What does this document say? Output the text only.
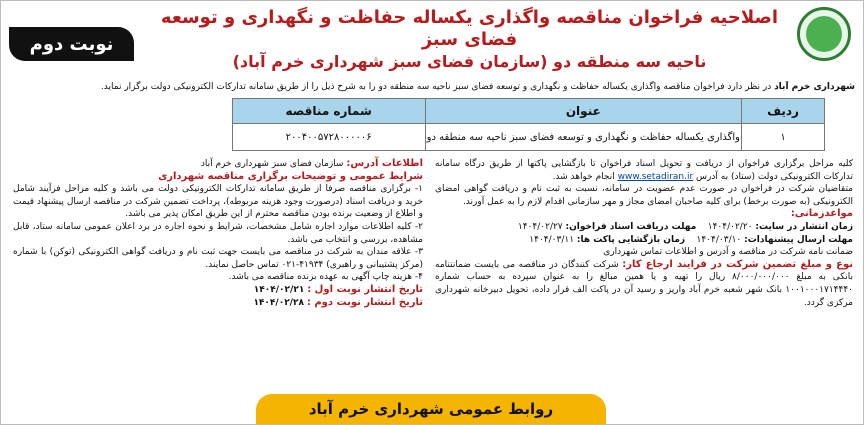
اصلاحیه فراخوان مناقصه واگذاری یکساله حفاظت و نگهداری و توسعه فضای سبز
ناحیه سه منطقه دو (سازمان فضای سبز شهرداری خرم آباد)
نوبت دوم
شهرداری خرم آباد در نظر دارد فراخوان مناقصه واگذاری یکساله حفاظت و نگهداری و توسعه فضای سبز ناحیه سه منطقه دو را به شرح ذیل را از طریق سامانه تدارکات الکترونیکی دولت برگزار نماید.
ردیف	عنوان	شماره مناقصه
۱	واگذاری یکساله حفاظت و نگهداری و توسعه فضای سبز ناحیه سه منطقه دو	۲۰۰۴۰۰۵۷۲۸۰۰۰۰۰۶

کلیه مراحل برگزاری فراخوان از دریافت و تحویل اسناد فراخوان تا بازگشایی پاکتها از طریق درگاه سامانه تدارکات الکترونیکی دولت (ستاد) به آدرس www.setadiran.ir انجام خواهد شد.

متقاضیان شرکت در فراخوان در صورت عدم عضویت در سامانه، نسبت به ثبت نام و دریافت گواهی امضای الکترونیکی (به صورت برخط) برای کلیه صاحبان امضای مجاز و مهر سازمانی اقدام لازم را به عمل آورند.

مواعدزمانی:

زمان انتشار در سایت: ۱۴۰۴/۰۲/۲۰    مهلت دریافت اسناد فراخوان: ۱۴۰۴/۰۲/۲۷

مهلت ارسال پیشنهادات: ۱۴۰۴/۰۳/۱۰    زمان بازگشایی پاکت ها: ۱۴۰۴/۰۳/۱۱

ضمانت نامه شرکت در مناقصه و آدرس و اطلاعات تماس شهرداری

نوع و مبلغ تضمین شرکت در فرایند ارجاع کار: شرکت کنندگان در مناقصه می بایست ضمانتنامه بانکی به مبلغ ۸/۰۰۰/۰۰۰/۰۰۰ ریال را تهیه و یا همین مبالغ را به عنوان سپرده به حساب شماره ۱۰۰۱۰۰۰۱۷۱۴۴۴۰ بانک شهر شعبه خرم آباد واریز و رسید آن در پاکت الف قرار داده، تحویل دبیرخانه شهرداری مرکزی گردد.

اطلاعات آدرس: سازمان فضای سبز شهرداری خرم آباد

شرایط عمومی و توضیحات برگزاری مناقصه شهرداری

۱- برگزاری مناقصه صرفا از طریق سامانه تدارکات الکترونیکی دولت می باشد و کلیه مراحل فرآیند شامل خرید و دریافت اسناد (درصورت وجود هزینه مربوطه)، پرداخت تضمین شرکت در مناقصه ارسال پیشنهاد قیمت و اطلاع از وضعیت برنده بودن مناقصه محترم از این طریق امکان پذیر می باشد.

۲- کلیه اطلاعات موارد اجاره شامل مشخصات، شرایط و نحوه اجاره در برد اعلان عمومی سامانه ستاد، قابل مشاهده، بررسی و انتخاب می باشد.

۳- علاقه مندان به شرکت در مناقصه می بایست جهت ثبت نام و دریافت گواهی الکترونیکی (توکن) با شماره (مرکز پشتیبانی و راهبری) ۴۱۹۳۴-۰۲۱ تماس حاصل نمایند.

۴- هزینه چاپ آگهی به عهده برنده مناقصه می باشد.

تاریخ انتشار نوبت اول : ۱۴۰۴/۰۲/۲۱

تاریخ انتشار نوبت دوم : ۱۴۰۴/۰۲/۲۸

روابط عمومی شهرداری خرم آباد
